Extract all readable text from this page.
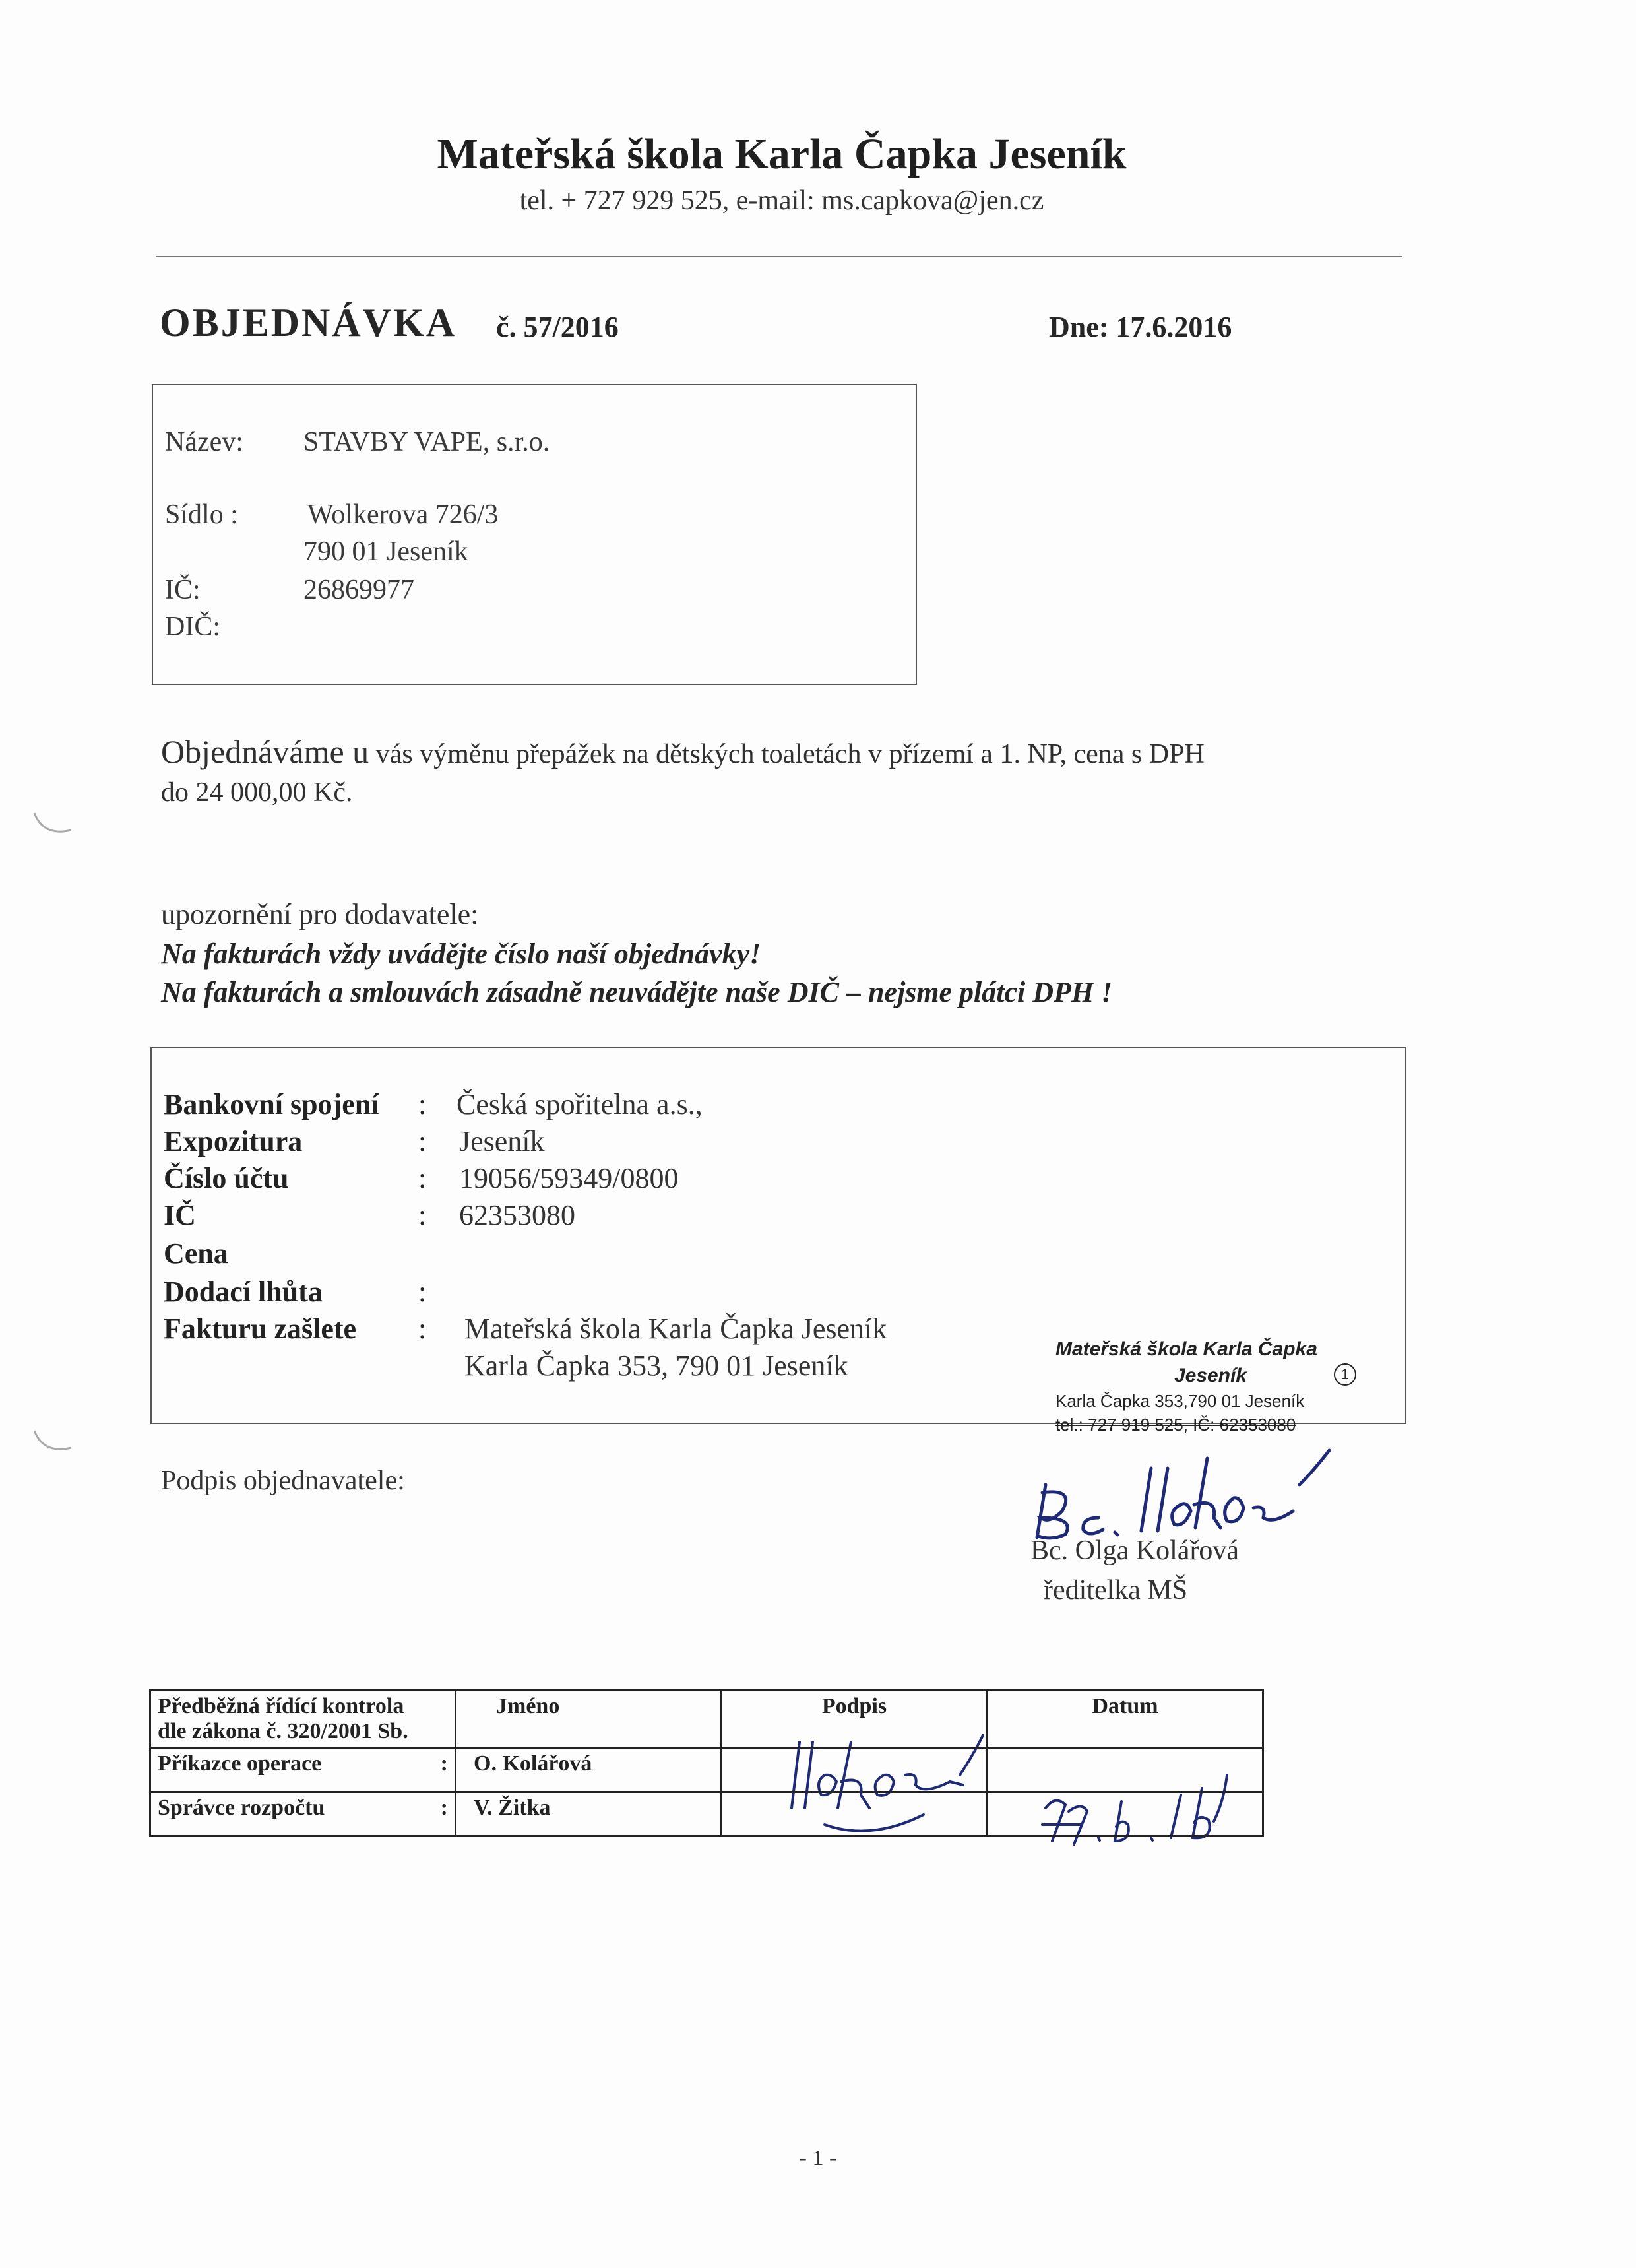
Mateřská škola Karla Čapka Jeseník
tel. + 727 929 525, e-mail: ms.capkova@jen.cz
OBJEDNÁVKA č. 57/2016	Dne: 17.6.2016
Název: STAVBY VAPE, s.r.o.
Sídlo :	Wolkerova 726/3
790 01 Jeseník
IČ:	26869977
DIČ:
Objednáváme u vás výměnu přepážek na dětských toaletách v přízemí a 1. NP, cena s DPH
do 24 000,00 Kč.
upozornění pro dodavatele:
Na fakturách vždy uvádějte číslo naší objednávky!
Na fakturách a smlouvách zásadně neuvádějte naše DIČ – nejsme plátci DPH !
Bankovní spojení : Česká spořitelna a.s.,
Expozitura	: Jeseník
Číslo účtu	: 19056/59349/0800
IČ	: 62353080
Cena
Dodací lhůta	:
Fakturu zašlete : Mateřská škola Karla Čapka Jeseník
Karla Čapka 353, 790 01 Jeseník
Mateřská škola Karla Čapka
Jeseník	1
Karla Čapka 353,790 01 Jeseník
tel.: 727 919 525, IČ: 62353080
Podpis objednavatele:
Bc. Olga Kolářová
ředitelka MŠ
Předběžná řídící kontrola
dle zákona č. 320/2001 Sb.	Jméno	Podpis	Datum
Příkazce operace :	O. Kolářová		
Správce rozpočtu :	V. Žitka		
- 1 -
